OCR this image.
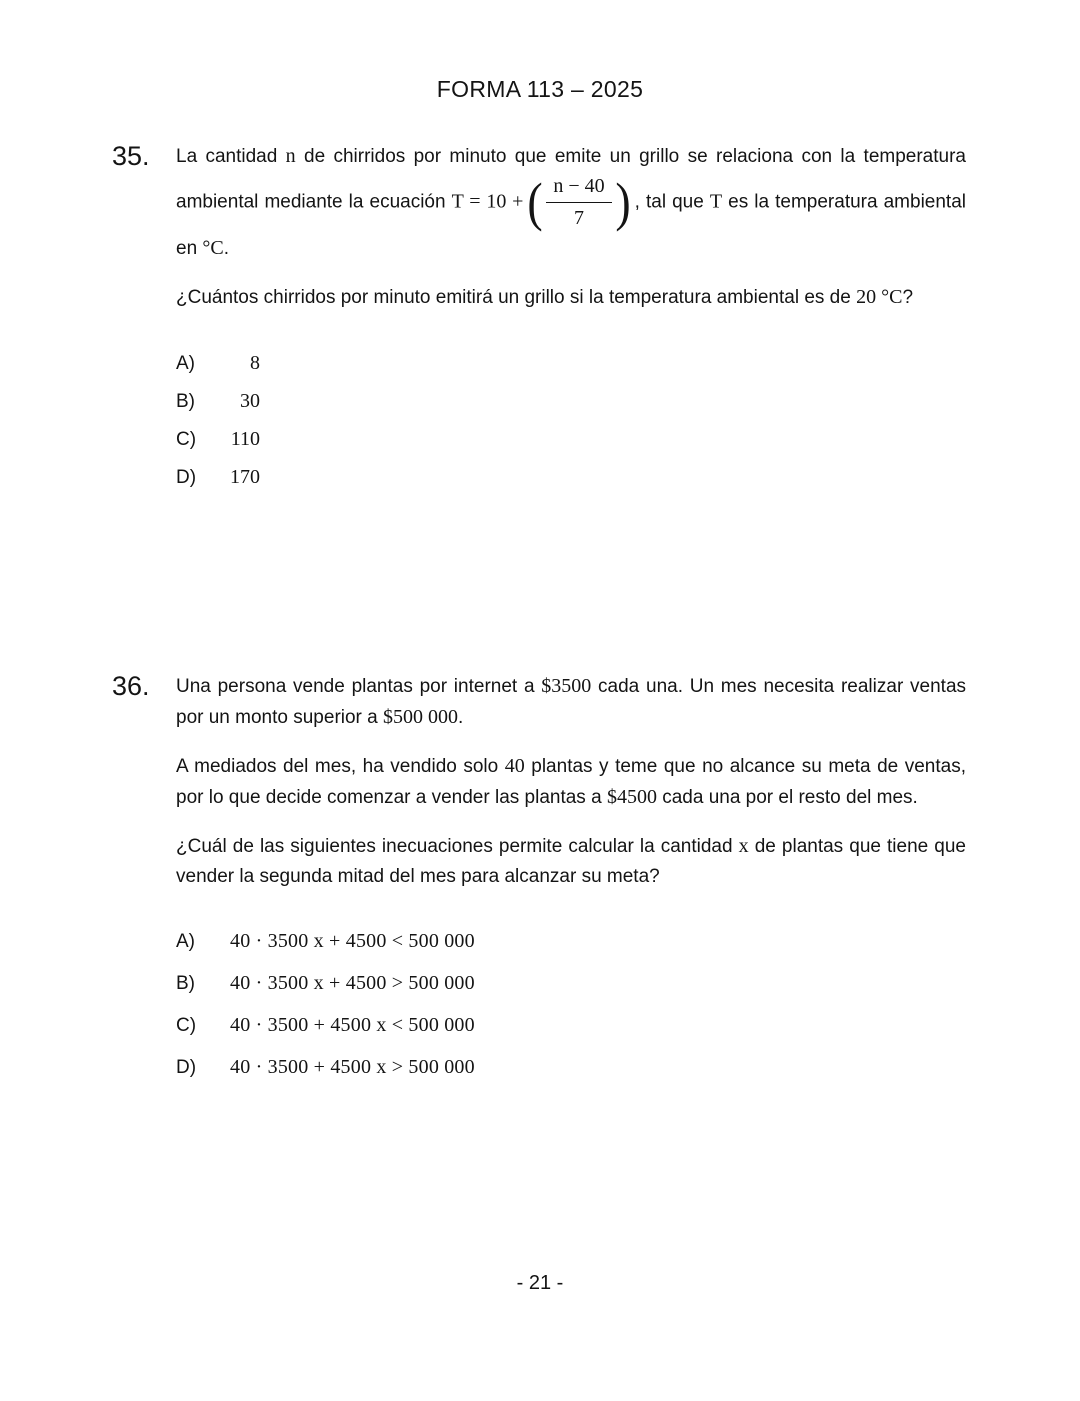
FORMA 113 – 2025
35.	La cantidad n de chirridos por minuto que emite un grillo se relaciona con la temperatura ambiental mediante la ecuación T = 10 + ( $\frac{n - 40}{7}$ ) , tal que T es la temperatura ambiental en °C.

¿Cuántos chirridos por minuto emitirá un grillo si la temperatura ambiental es de 20 °C?

A)	8
B)	30
C)	110
D)	170
36.	Una persona vende plantas por internet a $3500 cada una. Un mes necesita realizar ventas por un monto superior a $500 000.

A mediados del mes, ha vendido solo 40 plantas y teme que no alcance su meta de ventas, por lo que decide comenzar a vender las plantas a $4500 cada una por el resto del mes.

¿Cuál de las siguientes inecuaciones permite calcular la cantidad x de plantas que tiene que vender la segunda mitad del mes para alcanzar su meta?

A)	40 · 3500 x + 4500 < 500 000
B)	40 · 3500 x + 4500 > 500 000
C)	40 · 3500 + 4500 x < 500 000
D)	40 · 3500 + 4500 x > 500 000
- 21 -
